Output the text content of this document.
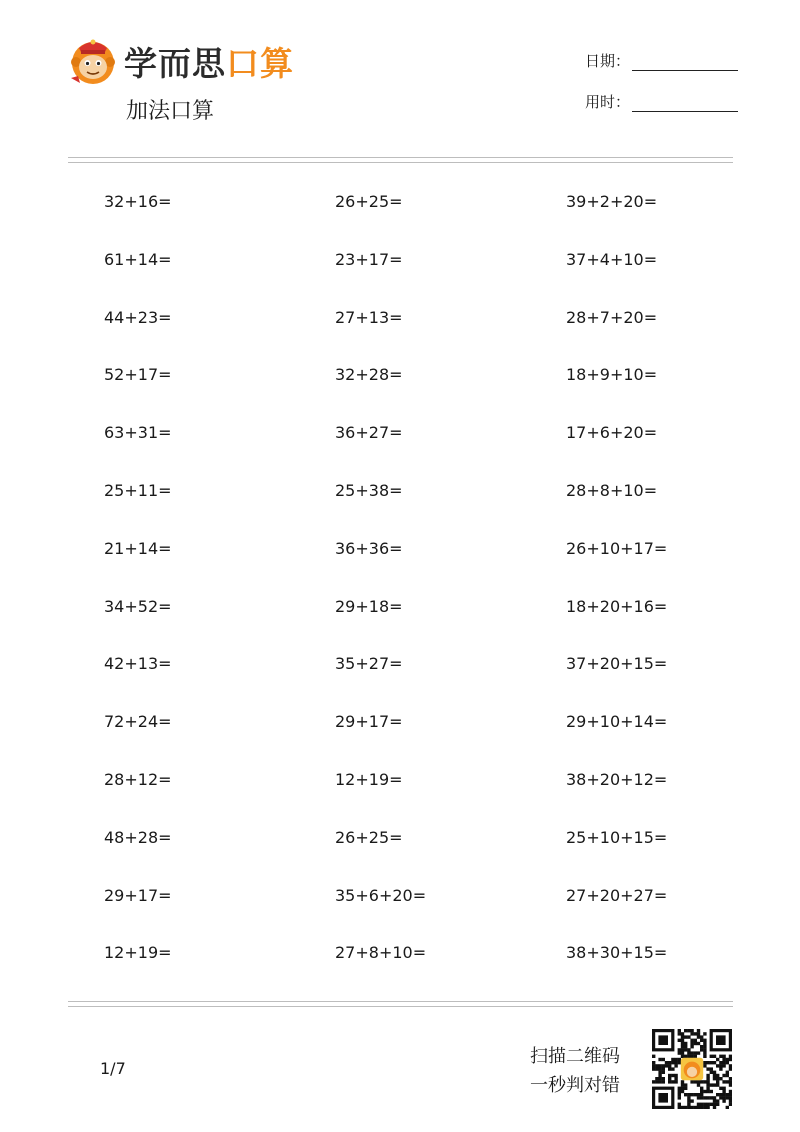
学而思口算
加法口算
日期：
用时：
32+16=	26+25=	39+2+20=
61+14=	23+17=	37+4+10=
44+23=	27+13=	28+7+20=
52+17=	32+28=	18+9+10=
63+31=	36+27=	17+6+20=
25+11=	25+38=	28+8+10=
21+14=	36+36=	26+10+17=
34+52=	29+18=	18+20+16=
42+13=	35+27=	37+20+15=
72+24=	29+17=	29+10+14=
28+12=	12+19=	38+20+12=
48+28=	26+25=	25+10+15=
29+17=	35+6+20=	27+20+27=
12+19=	27+8+10=	38+30+15=
1/7
扫描二维码
一秒判对错
